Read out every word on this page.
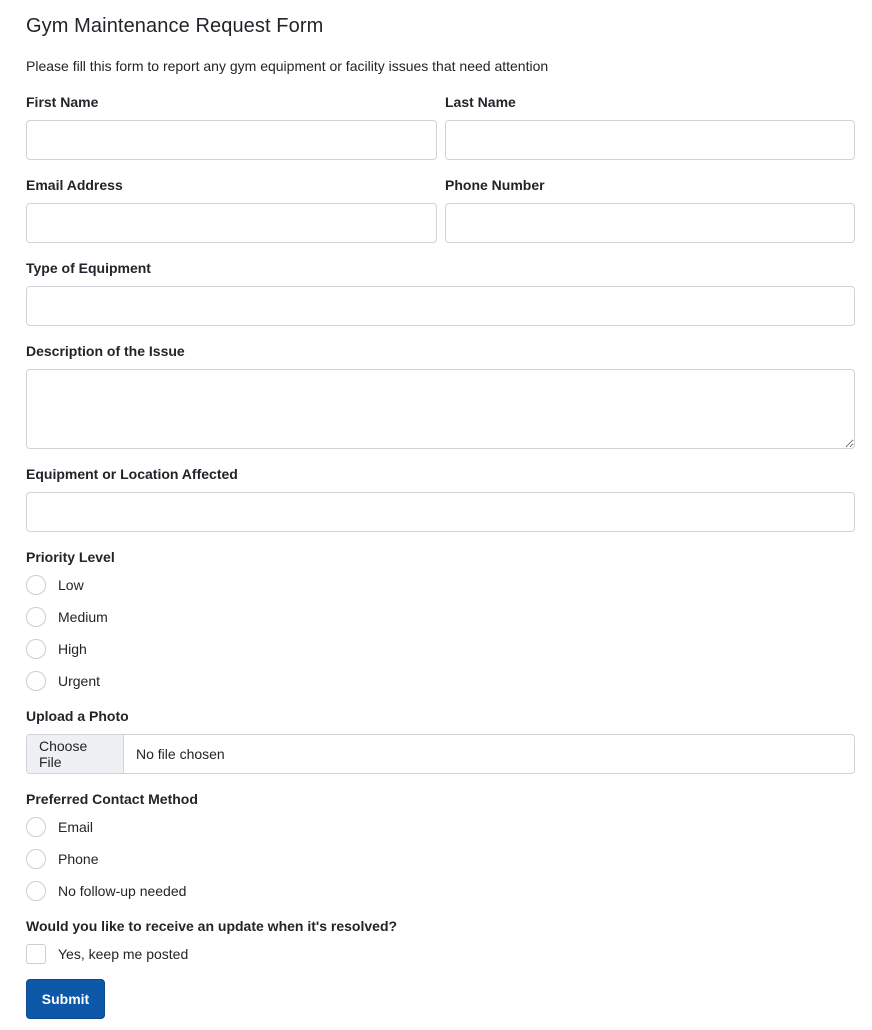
Gym Maintenance Request Form
Please fill this form to report any gym equipment or facility issues that need attention
First Name	Last Name
Email Address	Phone Number
Type of Equipment
Description of the Issue
Equipment or Location Affected
Priority Level
Low
Medium
High
Urgent
Upload a Photo
Choose File	No file chosen
Preferred Contact Method
Email
Phone
No follow-up needed
Would you like to receive an update when it's resolved?
Yes, keep me posted
Submit
